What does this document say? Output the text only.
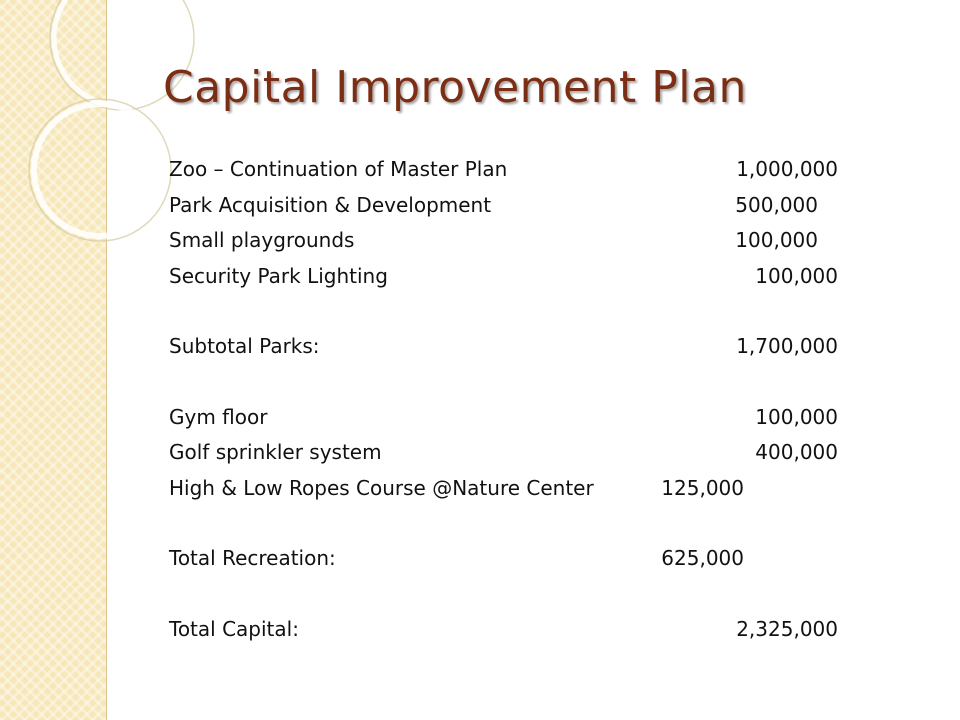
Capital Improvement Plan
Zoo – Continuation of Master Plan	1,000,000
Park Acquisition & Development	500,000
Small playgrounds	100,000
Security Park Lighting	100,000
Subtotal Parks:	1,700,000
Gym floor	100,000
Golf sprinkler system	400,000
High & Low Ropes Course @Nature Center	125,000
Total Recreation:	625,000
Total Capital:	2,325,000
